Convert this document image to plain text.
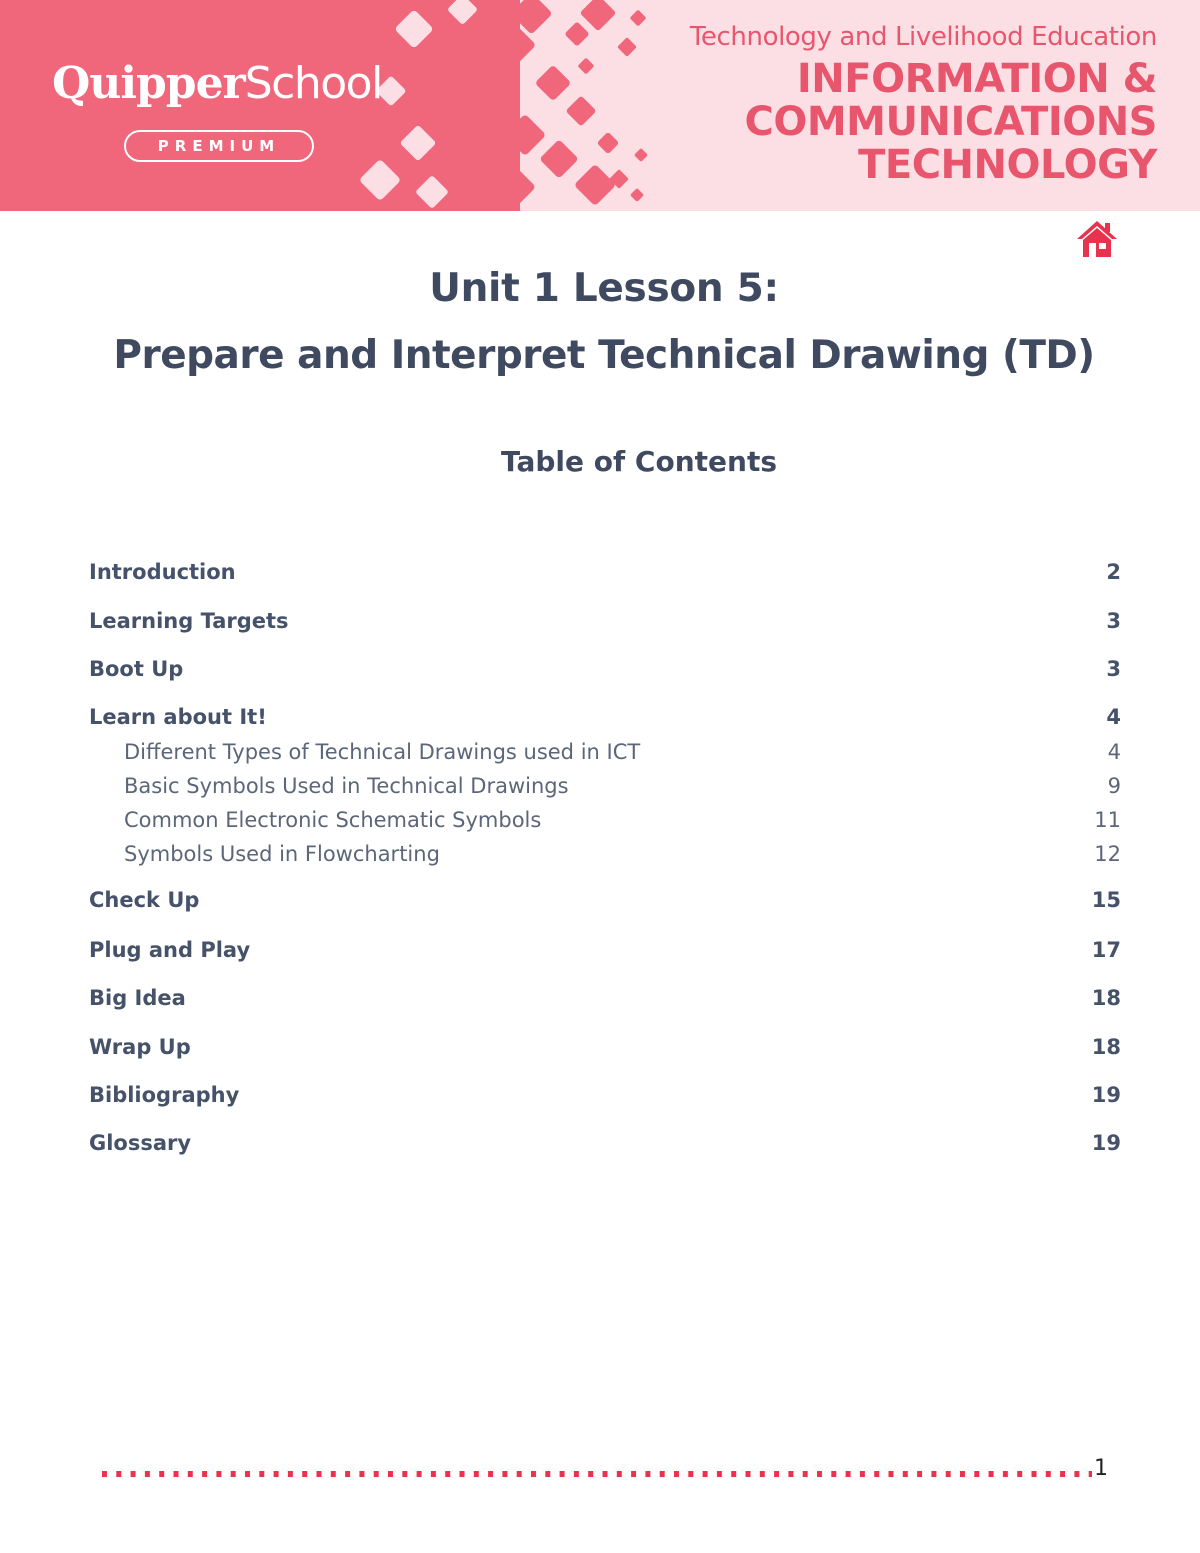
QuipperSchool
PREMIUM
Technology and Livelihood Education
INFORMATION &
COMMUNICATIONS
TECHNOLOGY
Unit 1 Lesson 5:
Prepare and Interpret Technical Drawing (TD)
Table of Contents
Introduction	2
Learning Targets	3
Boot Up	3
Learn about It!	4
Different Types of Technical Drawings used in ICT	4
Basic Symbols Used in Technical Drawings	9
Common Electronic Schematic Symbols	11
Symbols Used in Flowcharting	12
Check Up	15
Plug and Play	17
Big Idea	18
Wrap Up	18
Bibliography	19
Glossary	19
1
